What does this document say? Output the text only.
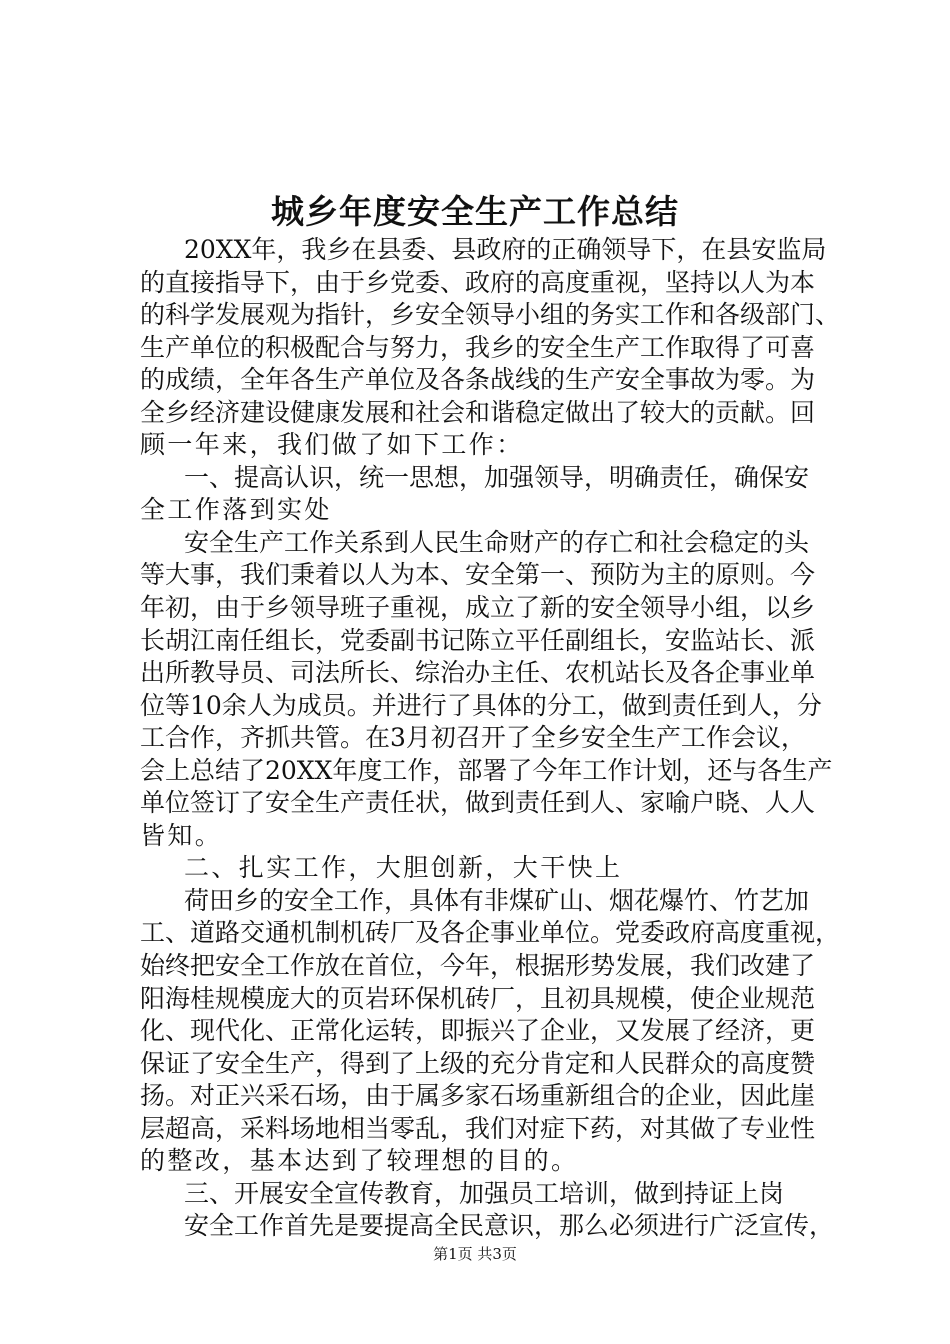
城乡年度安全生产工作总结
20XX年，我乡在县委、县政府的正确领导下，在县安监局
的直接指导下，由于乡党委、政府的高度重视，坚持以人为本
的科学发展观为指针，乡安全领导小组的务实工作和各级部门、
生产单位的积极配合与努力，我乡的安全生产工作取得了可喜
的成绩，全年各生产单位及各条战线的生产安全事故为零。为
全乡经济建设健康发展和社会和谐稳定做出了较大的贡献。回
顾一年来，我们做了如下工作：
一、提高认识，统一思想，加强领导，明确责任，确保安
全工作落到实处
安全生产工作关系到人民生命财产的存亡和社会稳定的头
等大事，我们秉着以人为本、安全第一、预防为主的原则。今
年初，由于乡领导班子重视，成立了新的安全领导小组，以乡
长胡江南任组长，党委副书记陈立平任副组长，安监站长、派
出所教导员、司法所长、综治办主任、农机站长及各企事业单
位等10余人为成员。并进行了具体的分工，做到责任到人，分
工合作，齐抓共管。在3月初召开了全乡安全生产工作会议，
会上总结了20XX年度工作，部署了今年工作计划，还与各生产
单位签订了安全生产责任状，做到责任到人、家喻户晓、人人
皆知。
二、扎实工作，大胆创新，大干快上
荷田乡的安全工作，具体有非煤矿山、烟花爆竹、竹艺加
工、道路交通机制机砖厂及各企事业单位。党委政府高度重视，
始终把安全工作放在首位，今年，根据形势发展，我们改建了
阳海桂规模庞大的页岩环保机砖厂，且初具规模，使企业规范
化、现代化、正常化运转，即振兴了企业，又发展了经济，更
保证了安全生产，得到了上级的充分肯定和人民群众的高度赞
扬。对正兴采石场，由于属多家石场重新组合的企业，因此崖
层超高，采料场地相当零乱，我们对症下药，对其做了专业性
的整改，基本达到了较理想的目的。
三、开展安全宣传教育，加强员工培训，做到持证上岗
安全工作首先是要提高全民意识，那么必须进行广泛宣传，
第1页 共3页
